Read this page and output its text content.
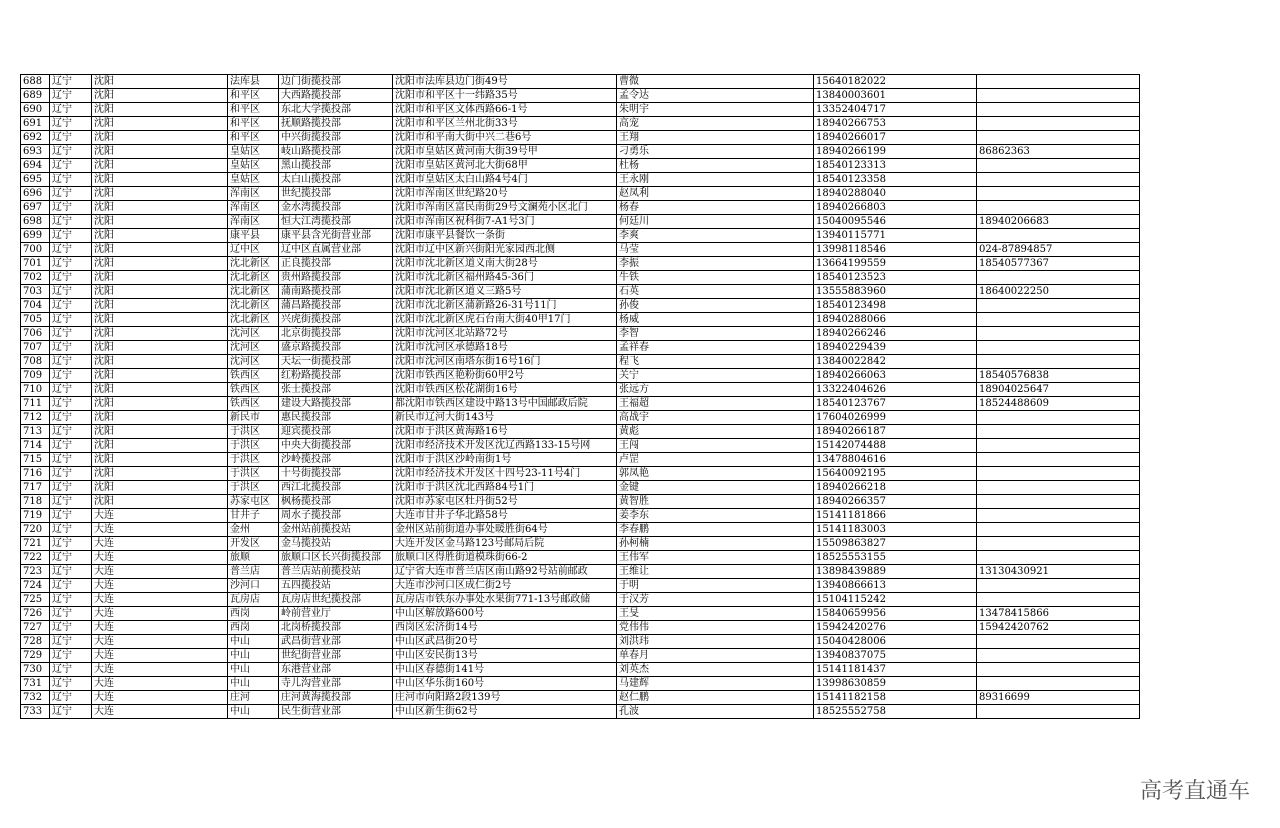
688	辽宁	沈阳	法库县	边门街揽投部	沈阳市法库县边门街49号	曹微	15640182022	
689	辽宁	沈阳	和平区	大西路揽投部	沈阳市和平区十一纬路35号	孟令达	13840003601	
690	辽宁	沈阳	和平区	东北大学揽投部	沈阳市和平区文体西路66-1号	朱明宇	13352404717	
691	辽宁	沈阳	和平区	抚顺路揽投部	沈阳市和平区兰州北街33号	高宠	18940266753	
692	辽宁	沈阳	和平区	中兴街揽投部	沈阳市和平南大街中兴二巷6号	王翔	18940266017	
693	辽宁	沈阳	皇姑区	岐山路揽投部	沈阳市皇姑区黄河南大街39号甲	刁勇乐	18940266199	86862363
694	辽宁	沈阳	皇姑区	黑山揽投部	沈阳市皇姑区黄河北大街68甲	杜杨	18540123313	
695	辽宁	沈阳	皇姑区	太白山揽投部	沈阳市皇姑区太白山路4号4门	王永刚	18540123358	
696	辽宁	沈阳	浑南区	世纪揽投部	沈阳市浑南区世纪路20号	赵凤利	18940288040	
697	辽宁	沈阳	浑南区	金水湾揽投部	沈阳市浑南区富民南街29号文澜苑小区北门	杨春	18940266803	
698	辽宁	沈阳	浑南区	恒大江湾揽投部	沈阳市浑南区祝科街7-A1号3门	何廷川	15040095546	18940206683
699	辽宁	沈阳	康平县	康平县含光街营业部	沈阳市康平县餐饮一条街	李爽	13940115771	
700	辽宁	沈阳	辽中区	辽中区直属营业部	沈阳市辽中区新兴街阳光家园西北侧	马莹	13998118546	024-87894857
701	辽宁	沈阳	沈北新区	正良揽投部	沈阳市沈北新区道义南大街28号	李振	13664199559	18540577367
702	辽宁	沈阳	沈北新区	贵州路揽投部	沈阳市沈北新区福州路45-36门	牛铁	18540123523	
703	辽宁	沈阳	沈北新区	蒲南路揽投部	沈阳市沈北新区道义三路5号	石英	13555883960	18640022250
704	辽宁	沈阳	沈北新区	蒲昌路揽投部	沈阳市沈北新区蒲新路26-31号11门	孙俊	18540123498	
705	辽宁	沈阳	沈北新区	兴虎街揽投部	沈阳市沈北新区虎石台南大街40甲17门	杨威	18940288066	
706	辽宁	沈阳	沈河区	北京街揽投部	沈阳市沈河区北站路72号	李智	18940266246	
707	辽宁	沈阳	沈河区	盛京路揽投部	沈阳市沈河区承德路18号	孟祥春	18940229439	
708	辽宁	沈阳	沈河区	天坛一街揽投部	沈阳市沈河区南塔东街16号16门	程飞	13840022842	
709	辽宁	沈阳	铁西区	红粉路揽投部	沈阳市铁西区艳粉街60甲2号	关宁	18940266063	18540576838
710	辽宁	沈阳	铁西区	张士揽投部	沈阳市铁西区松花湖街16号	张远方	13322404626	18904025647
711	辽宁	沈阳	铁西区	建设大路揽投部	都沈阳市铁西区建设中路13号中国邮政后院	王福超	18540123767	18524488609
712	辽宁	沈阳	新民市	惠民揽投部	新民市辽河大街143号	高战宇	17604026999	
713	辽宁	沈阳	于洪区	迎宾揽投部	沈阳市于洪区黄海路16号	黄彪	18940266187	
714	辽宁	沈阳	于洪区	中央大街揽投部	沈阳市经济技术开发区沈辽西路133-15号网	王闯	15142074488	
715	辽宁	沈阳	于洪区	沙岭揽投部	沈阳市于洪区沙岭南街1号	卢罡	13478804616	
716	辽宁	沈阳	于洪区	十号街揽投部	沈阳市经济技术开发区十四号23-11号4门	郭凤艳	15640092195	
717	辽宁	沈阳	于洪区	西江北揽投部	沈阳市于洪区沈北西路84号1门	金键	18940266218	
718	辽宁	沈阳	苏家屯区	枫杨揽投部	沈阳市苏家屯区牡丹街52号	黄智胜	18940266357	
719	辽宁	大连	甘井子	周水子揽投部	大连市甘井子华北路58号	姜李东	15141181866	
720	辽宁	大连	金州	金州站前揽投站	金州区站前街道办事处暖胜街64号	李春鹏	15141183003	
721	辽宁	大连	开发区	金马揽投站	大连开发区金马路123号邮局后院	孙柯楠	15509863827	
722	辽宁	大连	旅顺	旅顺口区长兴街揽投部	旅顺口区得胜街道模珠街66-2	王伟军	18525553155	
723	辽宁	大连	普兰店	普兰店站前揽投站	辽宁省大连市普兰店区南山路92号站前邮政	王维让	13898439889	13130430921
724	辽宁	大连	沙河口	五四揽投站	大连市沙河口区成仁街2号	于明	13940866613	
725	辽宁	大连	瓦房店	瓦房店世纪揽投部	瓦房店市铁东办事处水果街771-13号邮政储	于汉芳	15104115242	
726	辽宁	大连	西岗	岭前营业厅	中山区解放路600号	王旻	15840659956	13478415866
727	辽宁	大连	西岗	北岗桥揽投部	西岗区宏济街14号	党伟伟	15942420276	15942420762
728	辽宁	大连	中山	武昌街营业部	中山区武昌街20号	刘洪玮	15040428006	
729	辽宁	大连	中山	世纪街营业部	中山区安民街13号	单春月	13940837075	
730	辽宁	大连	中山	东港营业部	中山区春德街141号	刘英杰	15141181437	
731	辽宁	大连	中山	寺儿沟营业部	中山区华乐街160号	马建辉	13998630859	
732	辽宁	大连	庄河	庄河黄海揽投部	庄河市向阳路2段139号	赵仁鹏	15141182158	89316699
733	辽宁	大连	中山	民生街营业部	中山区新生街62号	孔波	18525552758	
高考直通车
